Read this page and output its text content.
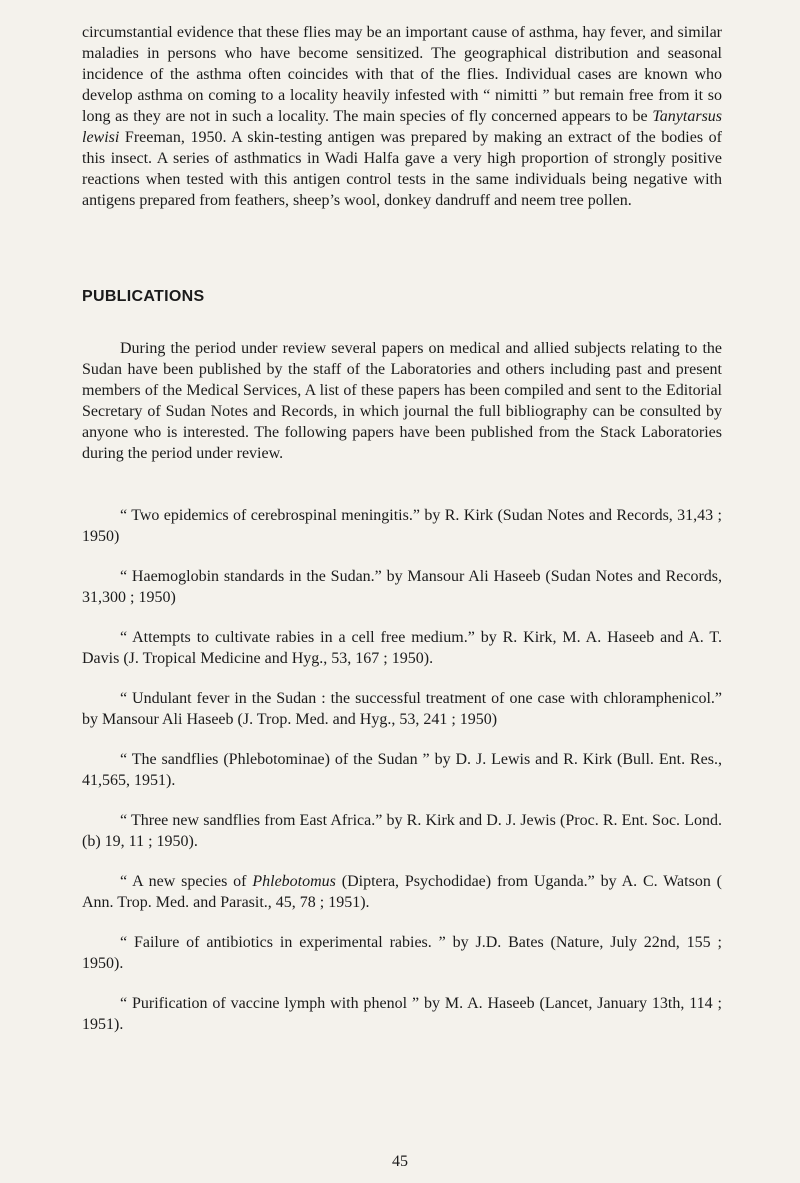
circumstantial evidence that these flies may be an important cause of asthma, hay fever, and similar maladies in persons who have become sensitized. The geographical distribution and seasonal incidence of the asthma often coincides with that of the flies. Individual cases are known who develop asthma on coming to a locality heavily infested with “ nimitti ” but remain free from it so long as they are not in such a locality. The main species of fly concerned appears to be Tanytarsus lewisi Freeman, 1950. A skin-testing antigen was prepared by making an extract of the bodies of this insect. A series of asthmatics in Wadi Halfa gave a very high proportion of strongly positive reactions when tested with this antigen control tests in the same individuals being negative with antigens prepared from feathers, sheep’s wool, donkey dandruff and neem tree pollen.

PUBLICATIONS

During the period under review several papers on medical and allied subjects relating to the Sudan have been published by the staff of the Laboratories and others including past and present members of the Medical Services, A list of these papers has been compiled and sent to the Editorial Secretary of Sudan Notes and Records, in which journal the full bibliography can be consulted by anyone who is interested. The following papers have been published from the Stack Laboratories during the period under review.

“ Two epidemics of cerebrospinal meningitis.” by R. Kirk (Sudan Notes and Records, 31,43 ; 1950)
“ Haemoglobin standards in the Sudan.” by Mansour Ali Haseeb (Sudan Notes and Records, 31,300 ; 1950)
“ Attempts to cultivate rabies in a cell free medium.” by R. Kirk, M. A. Haseeb and A. T. Davis (J. Tropical Medicine and Hyg., 53, 167 ; 1950).
“ Undulant fever in the Sudan : the successful treatment of one case with chloramphenicol.” by Mansour Ali Haseeb (J. Trop. Med. and Hyg., 53, 241 ; 1950)
“ The sandflies (Phlebotominae) of the Sudan ” by D. J. Lewis and R. Kirk (Bull. Ent. Res., 41,565, 1951).
“ Three new sandflies from East Africa.” by R. Kirk and D. J. Jewis (Proc. R. Ent. Soc. Lond. (b) 19, 11 ; 1950).
“ A new species of Phlebotomus (Diptera, Psychodidae) from Uganda.” by A. C. Watson ( Ann. Trop. Med. and Parasit., 45, 78 ; 1951).
“ Failure of antibiotics in experimental rabies. ” by J.D. Bates (Nature, July 22nd, 155 ; 1950).
“ Purification of vaccine lymph with phenol ” by M. A. Haseeb (Lancet, January 13th, 114 ; 1951).

45
